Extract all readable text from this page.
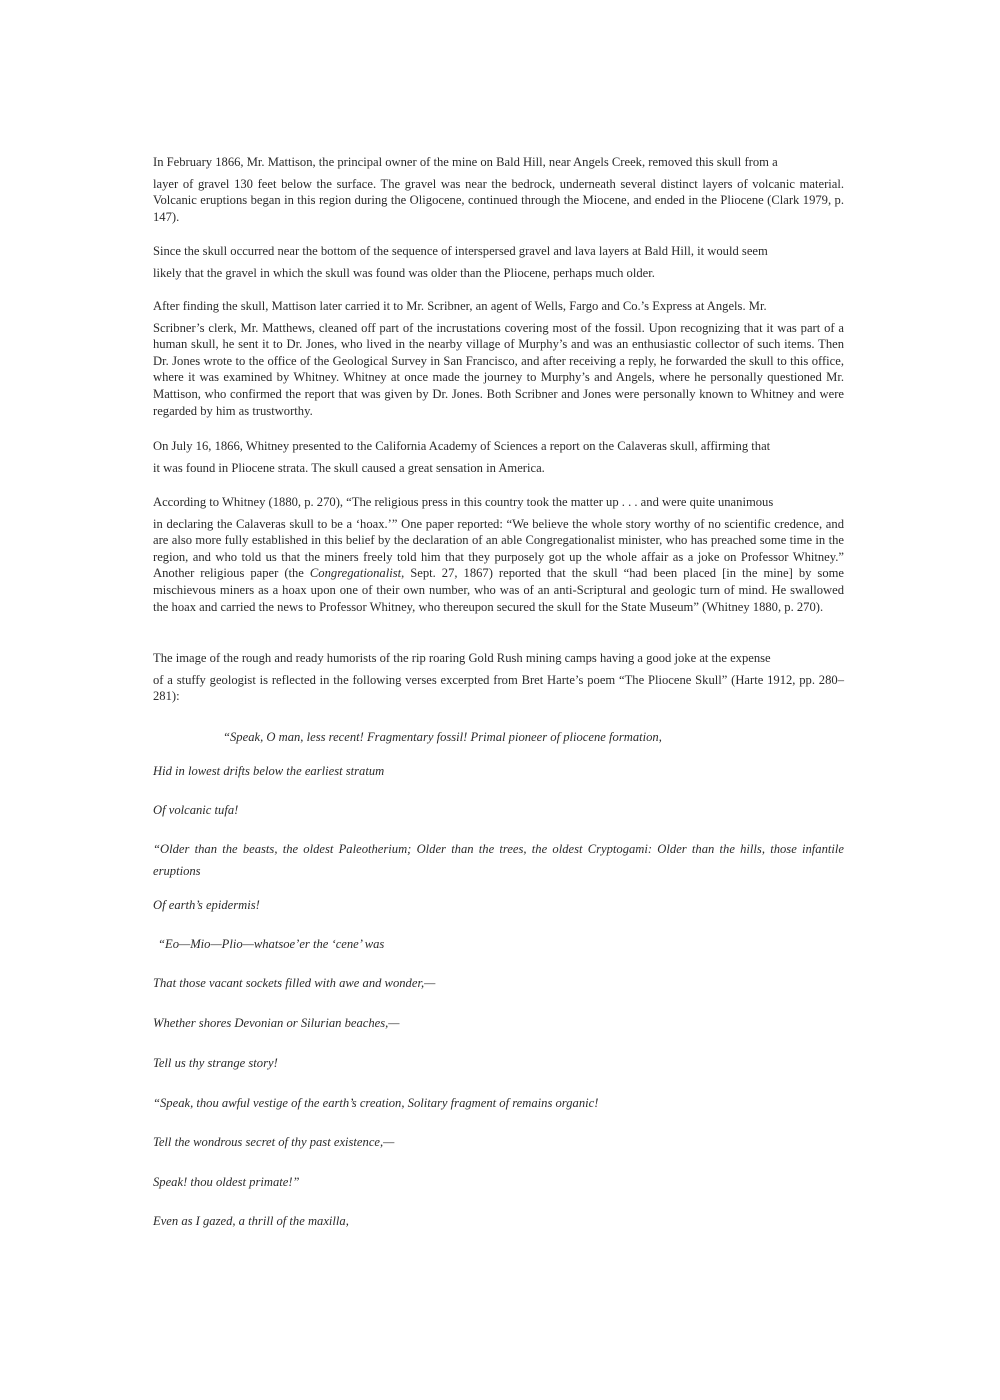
In February 1866, Mr. Mattison, the principal owner of the mine on Bald Hill, near Angels Creek, removed this skull from a
layer of gravel 130 feet below the surface. The gravel was near the bedrock, underneath several distinct layers of volcanic material. Volcanic eruptions began in this region during the Oligocene, continued through the Miocene, and ended in the Pliocene (Clark 1979, p. 147).
Since the skull occurred near the bottom of the sequence of interspersed gravel and lava layers at Bald Hill, it would seem
likely that the gravel in which the skull was found was older than the Pliocene, perhaps much older.
After finding the skull, Mattison later carried it to Mr. Scribner, an agent of Wells, Fargo and Co.’s Express at Angels. Mr.
Scribner’s clerk, Mr. Matthews, cleaned off part of the incrustations covering most of the fossil. Upon recognizing that it was part of a human skull, he sent it to Dr. Jones, who lived in the nearby village of Murphy’s and was an enthusiastic collector of such items. Then Dr. Jones wrote to the office of the Geological Survey in San Francisco, and after receiving a reply, he forwarded the skull to this office, where it was examined by Whitney. Whitney at once made the journey to Murphy’s and Angels, where he personally questioned Mr. Mattison, who confirmed the report that was given by Dr. Jones. Both Scribner and Jones were personally known to Whitney and were regarded by him as trustworthy.
On July 16, 1866, Whitney presented to the California Academy of Sciences a report on the Calaveras skull, affirming that
it was found in Pliocene strata. The skull caused a great sensation in America.
According to Whitney (1880, p. 270), “The religious press in this country took the matter up . . . and were quite unanimous
in declaring the Calaveras skull to be a ‘hoax.’” One paper reported: “We believe the whole story worthy of no scientific credence, and are also more fully established in this belief by the declaration of an able Congregationalist minister, who has preached some time in the region, and who told us that the miners freely told him that they purposely got up the whole affair as a joke on Professor Whitney.” Another religious paper (the Congregationalist, Sept. 27, 1867) reported that the skull “had been placed [in the mine] by some mischievous miners as a hoax upon one of their own number, who was of an anti-Scriptural and geologic turn of mind. He swallowed the hoax and carried the news to Professor Whitney, who thereupon secured the skull for the State Museum” (Whitney 1880, p. 270).
The image of the rough and ready humorists of the rip roaring Gold Rush mining camps having a good joke at the expense
of a stuffy geologist is reflected in the following verses excerpted from Bret Harte’s poem “The Pliocene Skull” (Harte 1912, pp. 280–281):

“Speak, O man, less recent! Fragmentary fossil! Primal pioneer of pliocene formation,

Hid in lowest drifts below the earliest stratum

Of volcanic tufa!

“Older than the beasts, the oldest Paleotherium; Older than the trees, the oldest Cryptogami: Older than the hills, those infantile eruptions

Of earth’s epidermis!

“Eo—Mio—Plio—whatsoe’er the ‘cene’ was

That those vacant sockets filled with awe and wonder,—

Whether shores Devonian or Silurian beaches,—

Tell us thy strange story!

“Speak, thou awful vestige of the earth’s creation, Solitary fragment of remains organic!

Tell the wondrous secret of thy past existence,—

Speak! thou oldest primate!”

Even as I gazed, a thrill of the maxilla,
